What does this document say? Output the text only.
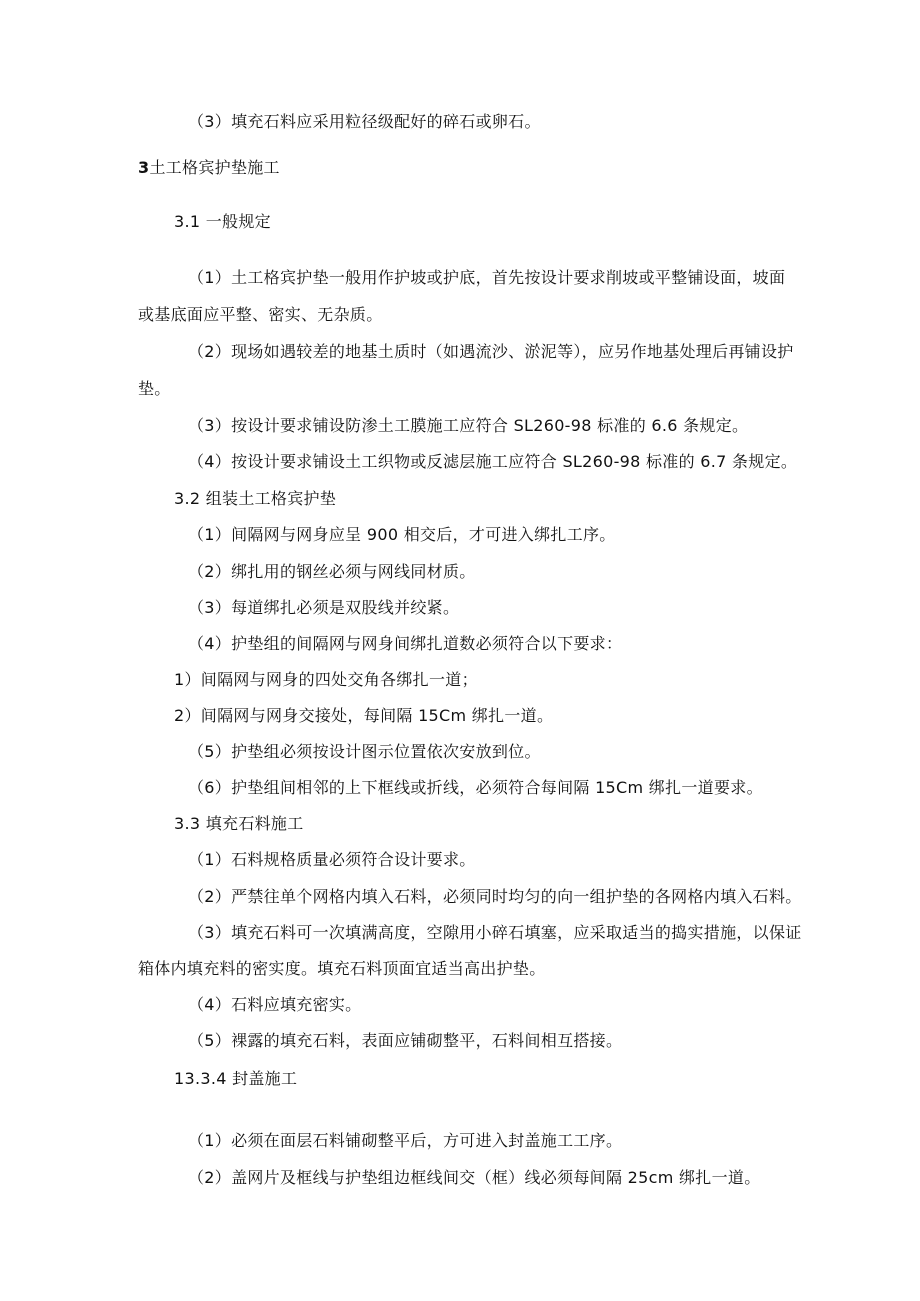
（3）填充石料应采用粒径级配好的碎石或卵石。
3土工格宾护垫施工
3.1 一般规定
（1）土工格宾护垫一般用作护坡或护底，首先按设计要求削坡或平整铺设面，坡面
或基底面应平整、密实、无杂质。
（2）现场如遇较差的地基土质时（如遇流沙、淤泥等），应另作地基处理后再铺设护
垫。
（3）按设计要求铺设防渗土工膜施工应符合 SL260-98 标准的 6.6 条规定。
（4）按设计要求铺设土工织物或反滤层施工应符合 SL260-98 标准的 6.7 条规定。
3.2 组装土工格宾护垫
（1）间隔网与网身应呈 900 相交后，才可进入绑扎工序。
（2）绑扎用的钢丝必须与网线同材质。
（3）每道绑扎必须是双股线并绞紧。
（4）护垫组的间隔网与网身间绑扎道数必须符合以下要求：
1）间隔网与网身的四处交角各绑扎一道；
2）间隔网与网身交接处，每间隔 15Cm 绑扎一道。
（5）护垫组必须按设计图示位置依次安放到位。
（6）护垫组间相邻的上下框线或折线，必须符合每间隔 15Cm 绑扎一道要求。
3.3 填充石料施工
（1）石料规格质量必须符合设计要求。
（2）严禁往单个网格内填入石料，必须同时均匀的向一组护垫的各网格内填入石料。
（3）填充石料可一次填满高度，空隙用小碎石填塞，应采取适当的捣实措施，以保证
箱体内填充料的密实度。填充石料顶面宜适当高出护垫。
（4）石料应填充密实。
（5）裸露的填充石料，表面应铺砌整平，石料间相互搭接。
13.3.4 封盖施工
（1）必须在面层石料铺砌整平后，方可进入封盖施工工序。
（2）盖网片及框线与护垫组边框线间交（框）线必须每间隔 25cm 绑扎一道。
